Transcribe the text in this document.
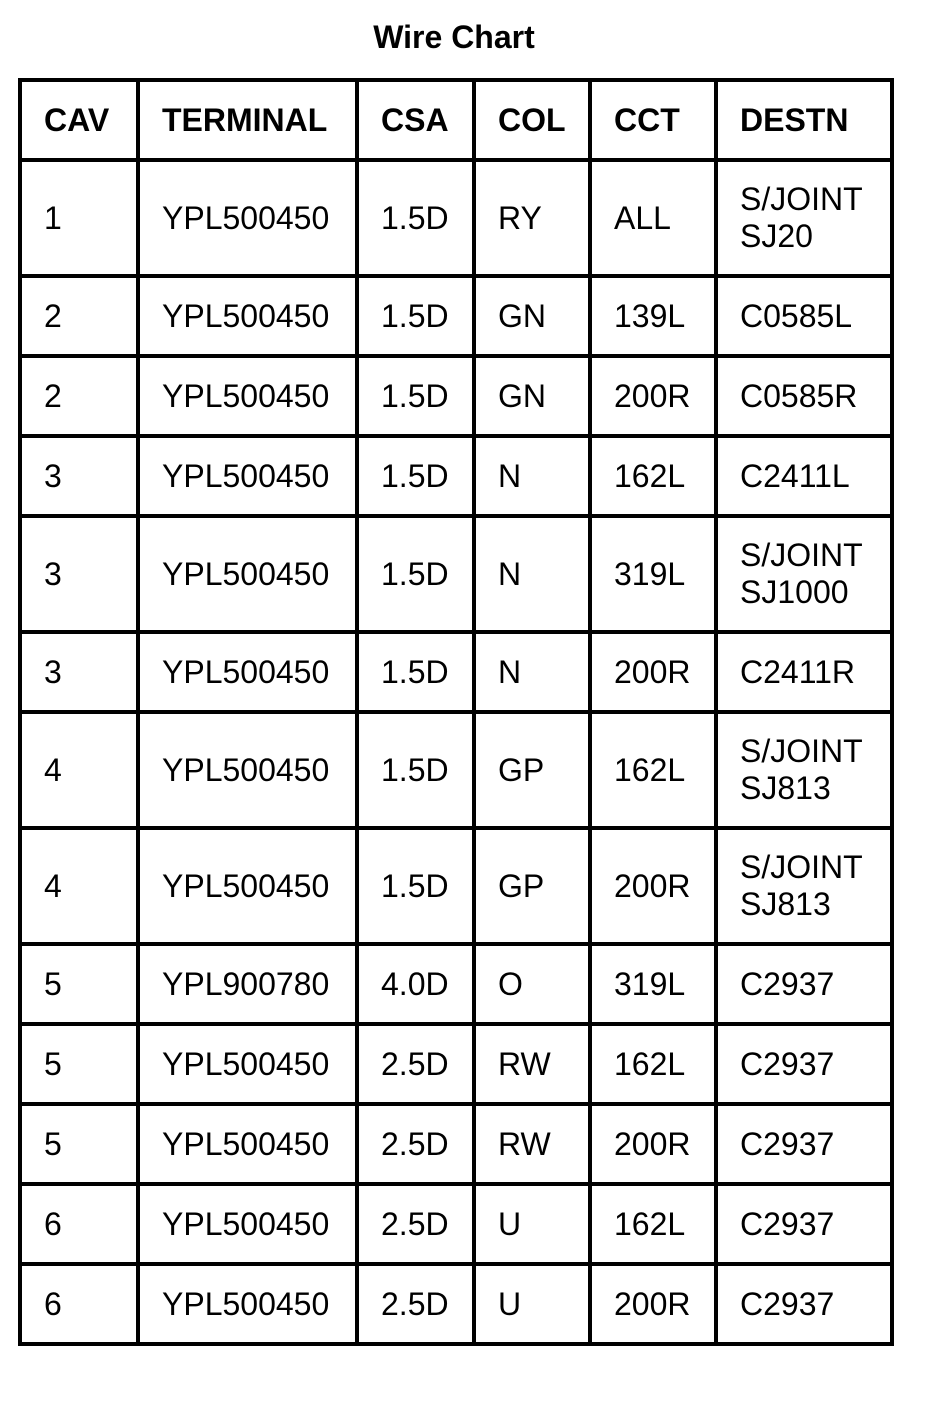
Wire Chart
CAV	TERMINAL	CSA	COL	CCT	DESTN
1	YPL500450	1.5D	RY	ALL	S/JOINT
SJ20

2	YPL500450	1.5D	GN	139L	C0585L

2	YPL500450	1.5D	GN	200R	C0585R

3	YPL500450	1.5D	N	162L	C2411L

3	YPL500450	1.5D	N	319L	S/JOINT
SJ1000

3	YPL500450	1.5D	N	200R	C2411R

4	YPL500450	1.5D	GP	162L	S/JOINT
SJ813

4	YPL500450	1.5D	GP	200R	S/JOINT
SJ813

5	YPL900780	4.0D	O	319L	C2937

5	YPL500450	2.5D	RW	162L	C2937

5	YPL500450	2.5D	RW	200R	C2937

6	YPL500450	2.5D	U	162L	C2937

6	YPL500450	2.5D	U	200R	C2937
